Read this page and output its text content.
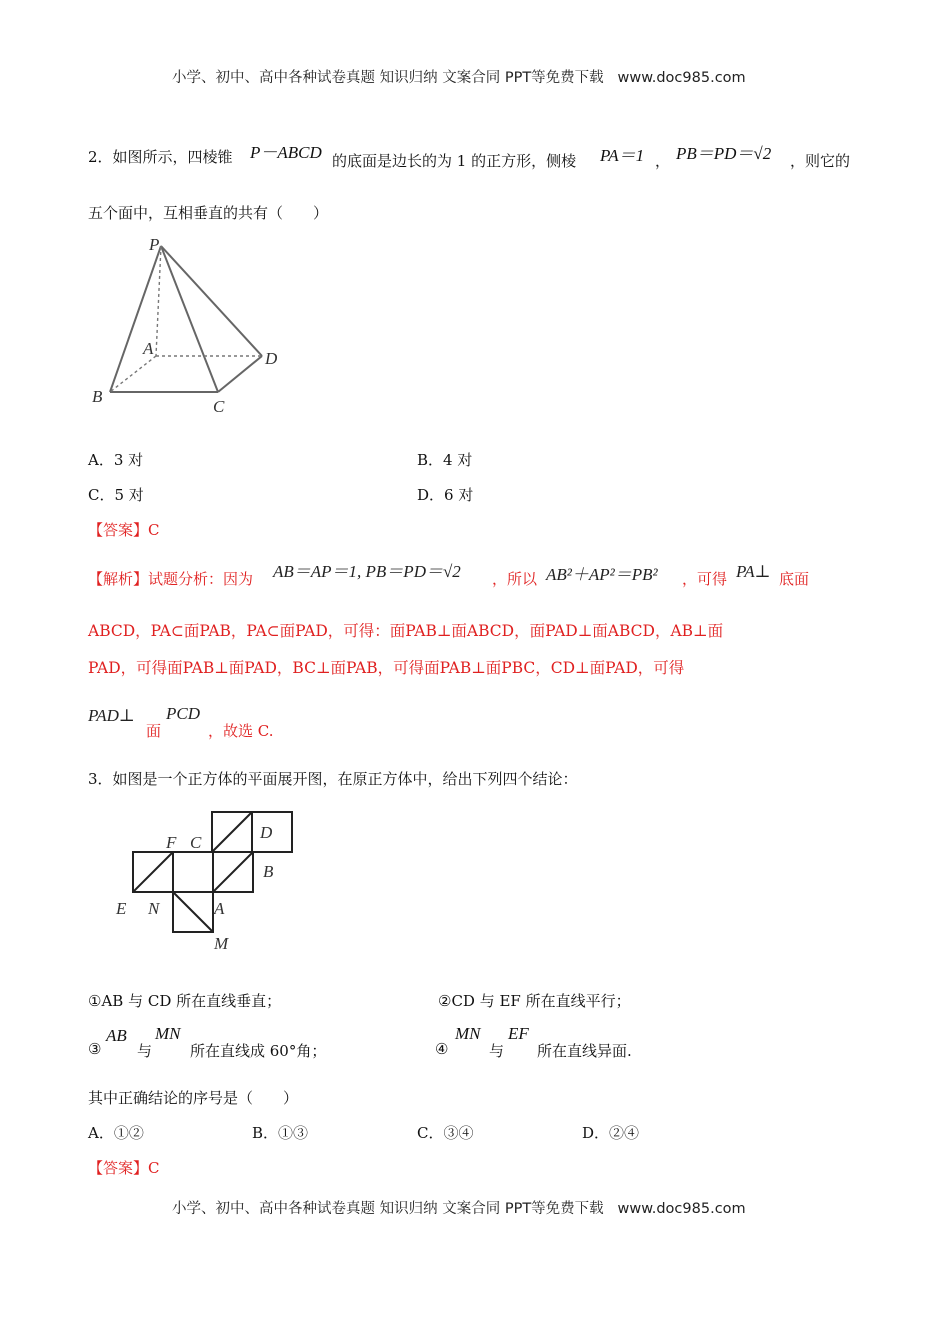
小学、初中、高中各种试卷真题 知识归纳 文案合同 PPT等免费下载 www.doc985.com
2．如图所示，四棱锥 P－ABCD 的底面是边长的为 1 的正方形，侧棱 PA＝1 ， PB＝PD＝√2 ，则它的
五个面中，互相垂直的共有（　　）
P
A
B
C
D
A．3 对	B．4 对
C．5 对	D．6 对
【答案】C
【解析】试题分析：因为 AB＝AP＝1, PB＝PD＝√2 ，所以 AB²＋AP²＝PB² ，可得 PA⊥ 底面
ABCD，PA⊂面PAB，PA⊂面PAD，可得：面PAB⊥面ABCD，面PAD⊥面ABCD，AB⊥面
PAD，可得面PAB⊥面PAD，BC⊥面PAB，可得面PAB⊥面PBC，CD⊥面PAD，可得
PAD⊥
面
PCD
，故选 C.
3．如图是一个正方体的平面展开图，在原正方体中，给出下列四个结论：
F C
D
B
E N	A
M
①AB 与 CD 所在直线垂直；	②CD 与 EF 所在直线平行；
③
AB
与
MN
所在直线成 60°角；	④
MN
与
EF
所在直线异面.
其中正确结论的序号是（　　）
A．①②	B．①③	C．③④	D．②④
【答案】C
小学、初中、高中各种试卷真题 知识归纳 文案合同 PPT等免费下载 www.doc985.com
